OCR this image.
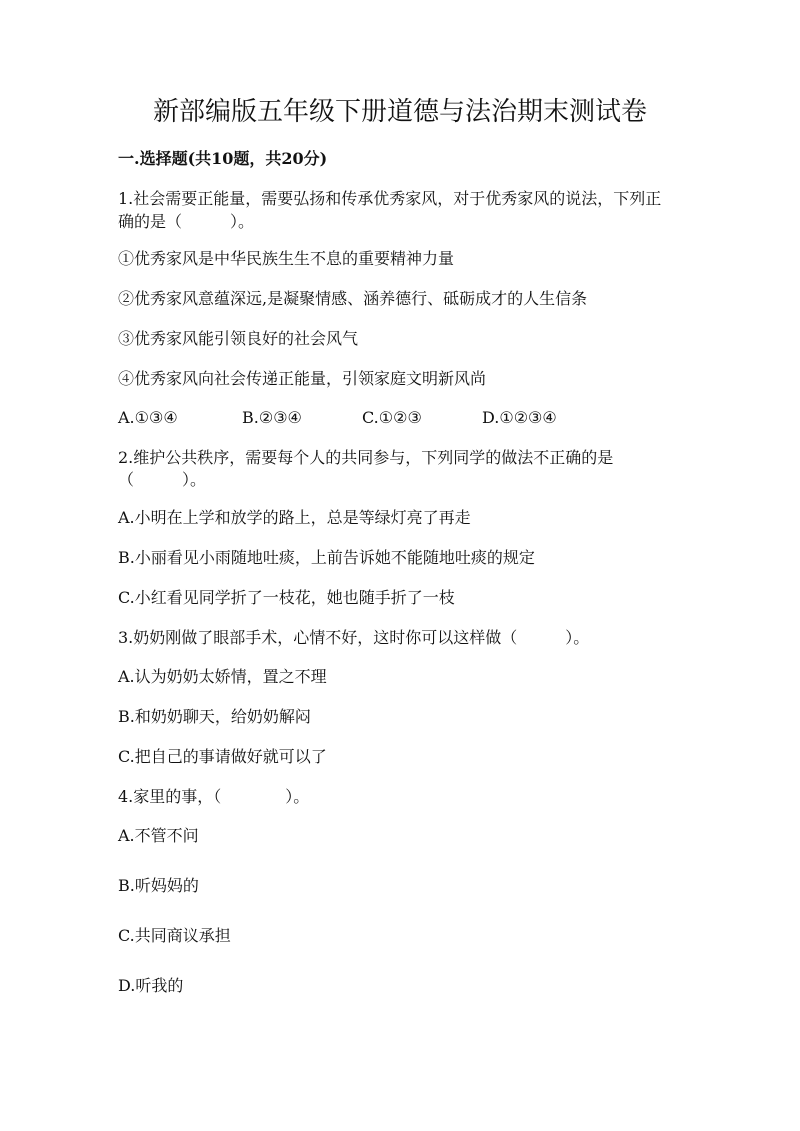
新部编版五年级下册道德与法治期末测试卷
一.选择题(共10题，共20分)

1.社会需要正能量，需要弘扬和传承优秀家风，对于优秀家风的说法，下列正

确的是（　　　）。

①优秀家风是中华民族生生不息的重要精神力量

②优秀家风意蕴深远,是凝聚情感、涵养德行、砥砺成才的人生信条

③优秀家风能引领良好的社会风气

④优秀家风向社会传递正能量，引领家庭文明新风尚

A.①③④	B.②③④	C.①②③	D.①②③④

2.维护公共秩序，需要每个人的共同参与，下列同学的做法不正确的是

（　　　）。

A.小明在上学和放学的路上，总是等绿灯亮了再走

B.小丽看见小雨随地吐痰，上前告诉她不能随地吐痰的规定

C.小红看见同学折了一枝花，她也随手折了一枝

3.奶奶刚做了眼部手术，心情不好，这时你可以这样做（　　　）。

A.认为奶奶太娇情，置之不理

B.和奶奶聊天，给奶奶解闷

C.把自己的事请做好就可以了

4.家里的事，（　　　　）。

A.不管不问

B.听妈妈的

C.共同商议承担

D.听我的
